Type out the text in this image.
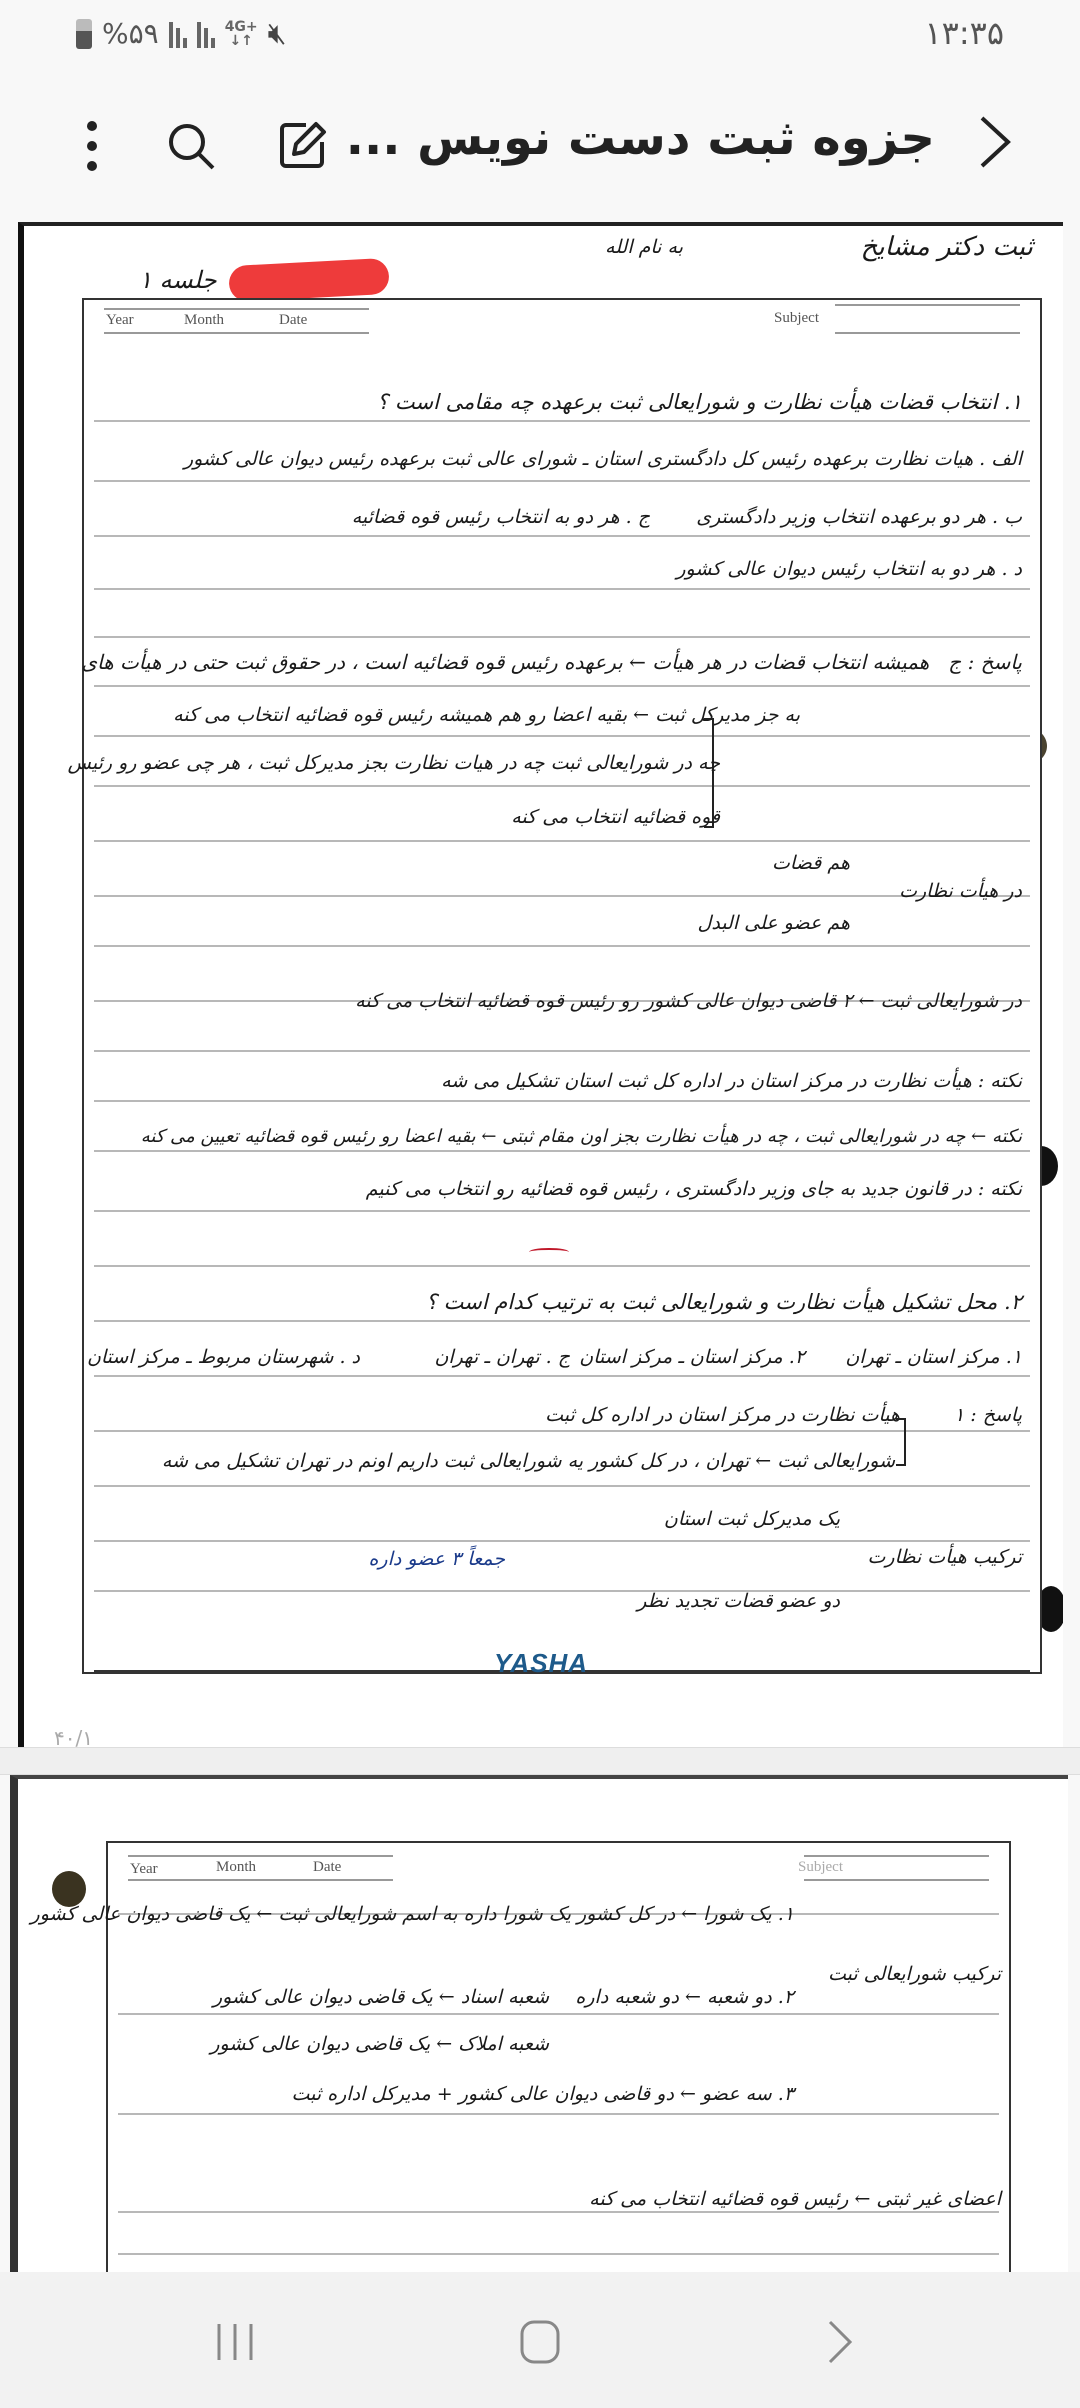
%۵۹	4G+
↓↑ 🔇︎	۱۳:۳۵
جزوه ثبت دست نویس ...
ثبت دکتر مشایخ
به نام الله
جلسه ۱
Year	Month	Date	Subject
۱. انتخاب قضات هیأت نظارت و شورایعالی ثبت برعهده چه مقامی است ؟
الف . هیات نظارت برعهده رئیس کل دادگستری استان ـ شورای عالی ثبت برعهده رئیس دیوان عالی کشور
ب . هر دو برعهده انتخاب وزیر دادگستری
ج . هر دو به انتخاب رئیس قوه قضائیه
د . هر دو به انتخاب رئیس دیوان عالی کشور
پاسخ : ج   همیشه انتخاب قضات در هر هیأت ← برعهده رئیس قوه قضائیه است ، در حقوق ثبت حتی در هیأت های
به جز مدیرکل ثبت ← بقیه اعضا رو هم همیشه رئیس قوه قضائیه انتخاب می کنه
چه در شورایعالی ثبت چه در هیات نظارت بجز مدیرکل ثبت ، هر چی عضو رو رئیس
قوه قضائیه انتخاب می کنه
در هیأت نظارت
هم قضات
هم عضو علی البدل
در شورایعالی ثبت ← ۲ قاضی دیوان عالی کشور رو رئیس قوه قضائیه انتخاب می کنه
نکته : هیأت نظارت در مرکز استان در اداره کل ثبت استان تشکیل می شه
نکته ← چه در شورایعالی ثبت ، چه در هیأت نظارت بجز اون مقام ثبتی ← بقیه اعضا رو رئیس قوه قضائیه تعیین می کنه
نکته : در قانون جدید به جای وزیر دادگستری ، رئیس قوه قضائیه رو انتخاب می کنیم
۲. محل تشکیل هیأت نظارت و شورایعالی ثبت به ترتیب کدام است ؟
۱. مرکز استان ـ تهران
۲. مرکز استان ـ مرکز استان
ج . تهران ـ تهران
د . شهرستان مربوط ـ مرکز استان
پاسخ : ۱
هیأت نظارت در مرکز استان در اداره کل ثبت
شورایعالی ثبت ← تهران ، در کل کشور یه شورایعالی ثبت داریم اونم در تهران تشکیل می شه
ترکیب هیأت نظارت
یک مدیرکل ثبت استان
دو عضو قضات تجدید نظر
جمعاً ۳ عضو داره
YASHA
۴۰/۱
Year	Month	Date	Subject
ترکیب شورایعالی ثبت
۱. یک شورا ← در کل کشور یک شورا داره به اسم شورایعالی ثبت ← یک قاضی دیوان عالی کشور
۲. دو شعبه ← دو شعبه داره
شعبه اسناد ← یک قاضی دیوان عالی کشور
شعبه املاک ← یک قاضی دیوان عالی کشور
۳. سه عضو ← دو قاضی دیوان عالی کشور + مدیرکل اداره ثبت
اعضای غیر ثبتی ← رئیس قوه قضائیه انتخاب می کنه
